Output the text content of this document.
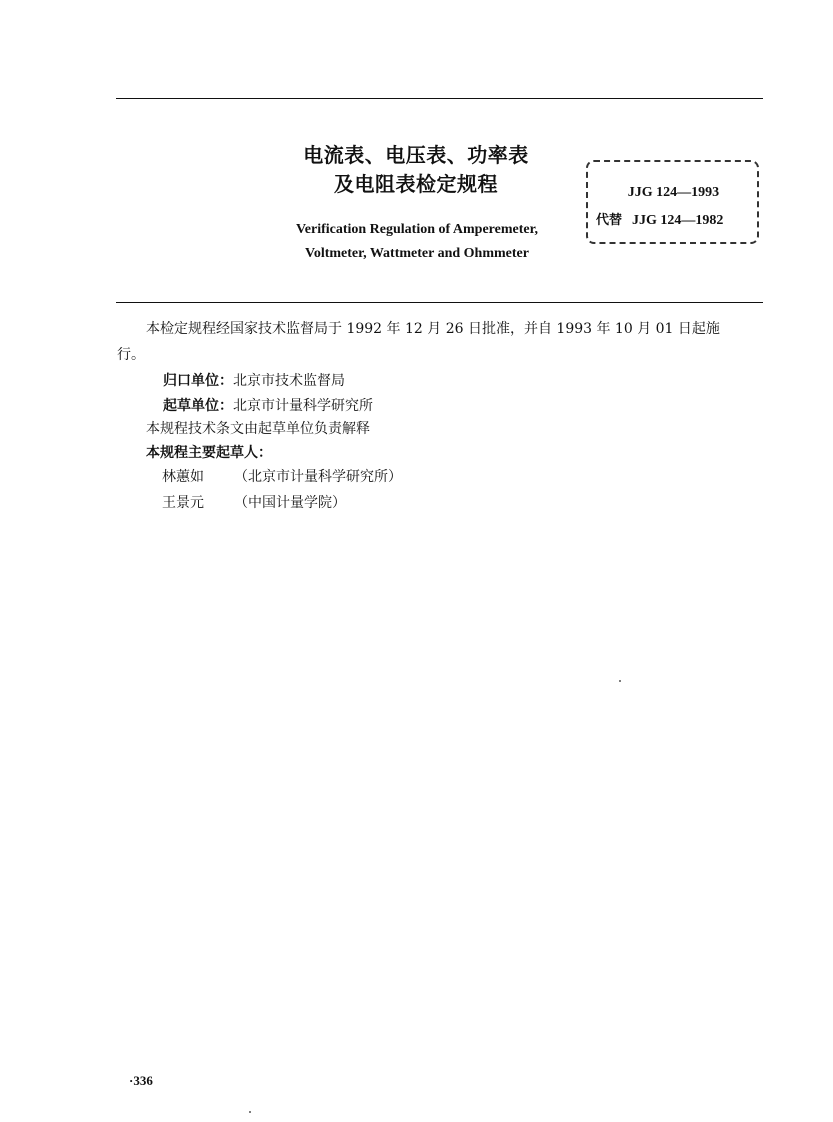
电流表、电压表、功率表
及电阻表检定规程
Verification Regulation of Amperemeter,
Voltmeter, Wattmeter and Ohmmeter
JJG 124—1993
代替 JJG 124—1982
本检定规程经国家技术监督局于 1992 年 12 月 26 日批准，并自 1993 年 10 月 01 日起施
行。
归口单位：北京市技术监督局
起草单位：北京市计量科学研究所
本规程技术条文由起草单位负责解释
本规程主要起草人：
林蕙如 （北京市计量科学研究所）
王景元 （中国计量学院）
·336
